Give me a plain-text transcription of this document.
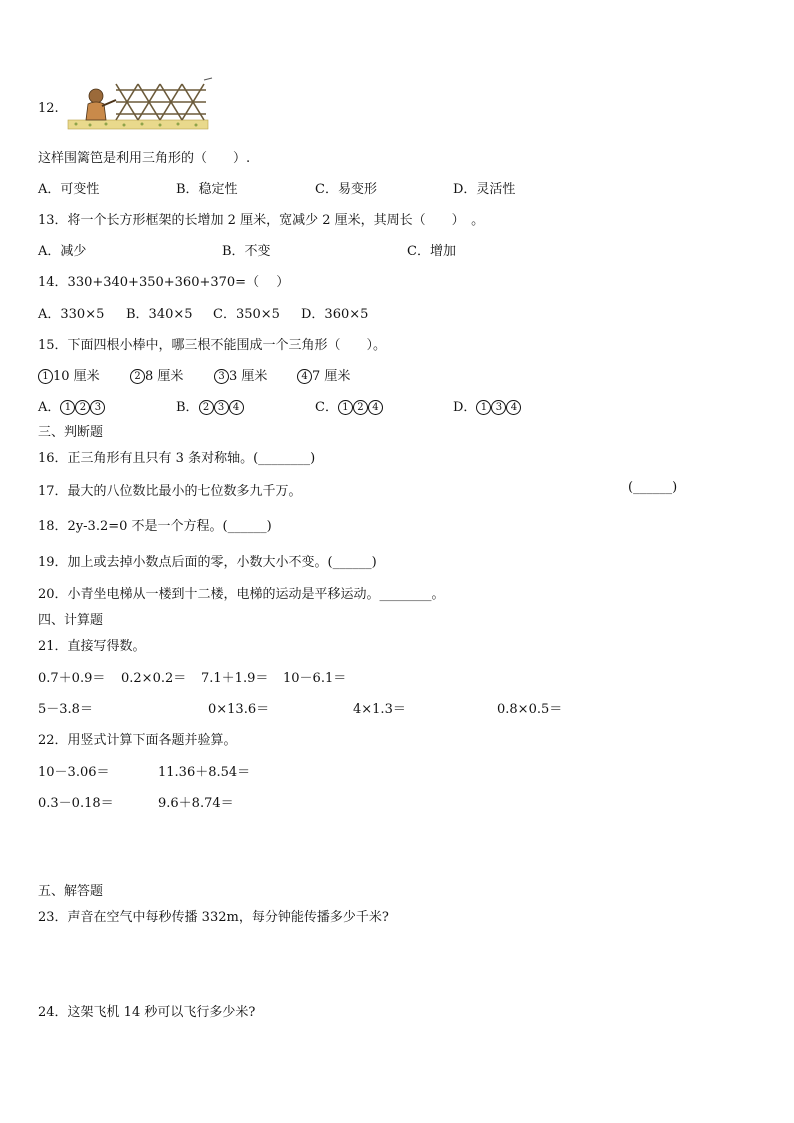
12.
这样围篱笆是利用三角形的（　　）.
A．可变性	B．稳定性	C．易变形	D．灵活性
13．将一个长方形框架的长增加 2 厘米，宽减少 2 厘米，其周长（　　）　。
A．减少	B．不变	C．增加
14．330+340+350+360+370=（　 ）
A．330×5 B．340×5 C．350×5 D．360×5
15．下面四根小棒中，哪三根不能围成一个三角形（　　）。
1 10 厘米	2 8 厘米	3 3 厘米	4 7 厘米
A． 1 2 3	B． 2 3 4	C． 1 2 4	D． 1 3 4
三、判断题
16．正三角形有且只有 3 条对称轴。(________)
17．最大的八位数比最小的七位数多九千万。	(______)
18．2y-3.2=0 不是一个方程。(______)
19．加上或去掉小数点后面的零，小数大小不变。(______)
20．小青坐电梯从一楼到十二楼，电梯的运动是平移运动。________。
四、计算题
21．直接写得数。
0.7＋0.9＝ 0.2×0.2＝ 7.1＋1.9＝ 10－6.1＝
5－3.8＝	0×13.6＝	4×1.3＝	0.8×0.5＝
22．用竖式计算下面各题并验算。
10－3.06＝	11.36＋8.54＝
0.3－0.18＝	9.6＋8.74＝
五、解答题
23．声音在空气中每秒传播 332m，每分钟能传播多少千米?
24．这架飞机 14 秒可以飞行多少米?
